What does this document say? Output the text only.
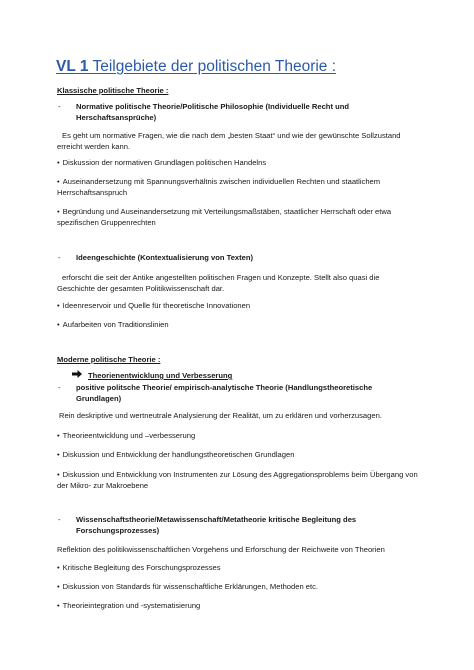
VL 1 Teilgebiete der politischen Theorie :
Klassische politische Theorie :
- Normative politische Theorie/Politische Philosophie (Individuelle Recht und Herschaftsansprüche)
Es geht um normative Fragen, wie die nach dem „besten Staat“ und wie der gewünschte Sollzustand erreicht werden kann.
• Diskussion der normativen Grundlagen politischen Handelns
• Auseinandersetzung mit Spannungsverhältnis zwischen individuellen Rechten und staatlichem Herrschaftsanspruch
• Begründung und Auseinandersetzung mit Verteilungsmaßstäben, staatlicher Herrschaft oder etwa spezifischen Gruppenrechten
- Ideengeschichte (Kontextualisierung von Texten)
erforscht die seit der Antike angestellten politischen Fragen und Konzepte. Stellt also quasi die Geschichte der gesamten Politikwissenschaft dar.
• Ideenreservoir und Quelle für theoretische Innovationen
• Aufarbeiten von Traditionslinien
Moderne politische Theorie :
Theorienentwicklung und Verbesserung
- positive politsche Theorie/ empirisch-analytische Theorie (Handlungstheoretische Grundlagen)
Rein deskriptive und wertneutrale Analysierung der Realität, um zu erklären und vorherzusagen.
• Theorieentwicklung und –verbesserung
• Diskussion und Entwicklung der handlungstheoretischen Grundlagen
• Diskussion und Entwicklung von Instrumenten zur Lösung des Aggregationsproblems beim Übergang von der Mikro- zur Makroebene
- Wissenschaftstheorie/Metawissenschaft/Metatheorie kritische Begleitung des Forschungsprozesses)
Reflektion des politikwissenschaftlichen Vorgehens und Erforschung der Reichweite von Theorien
• Kritische Begleitung des Forschungsprozesses
• Diskussion von Standards für wissenschaftliche Erklärungen, Methoden etc.
• Theorieintegration und -systematisierung
